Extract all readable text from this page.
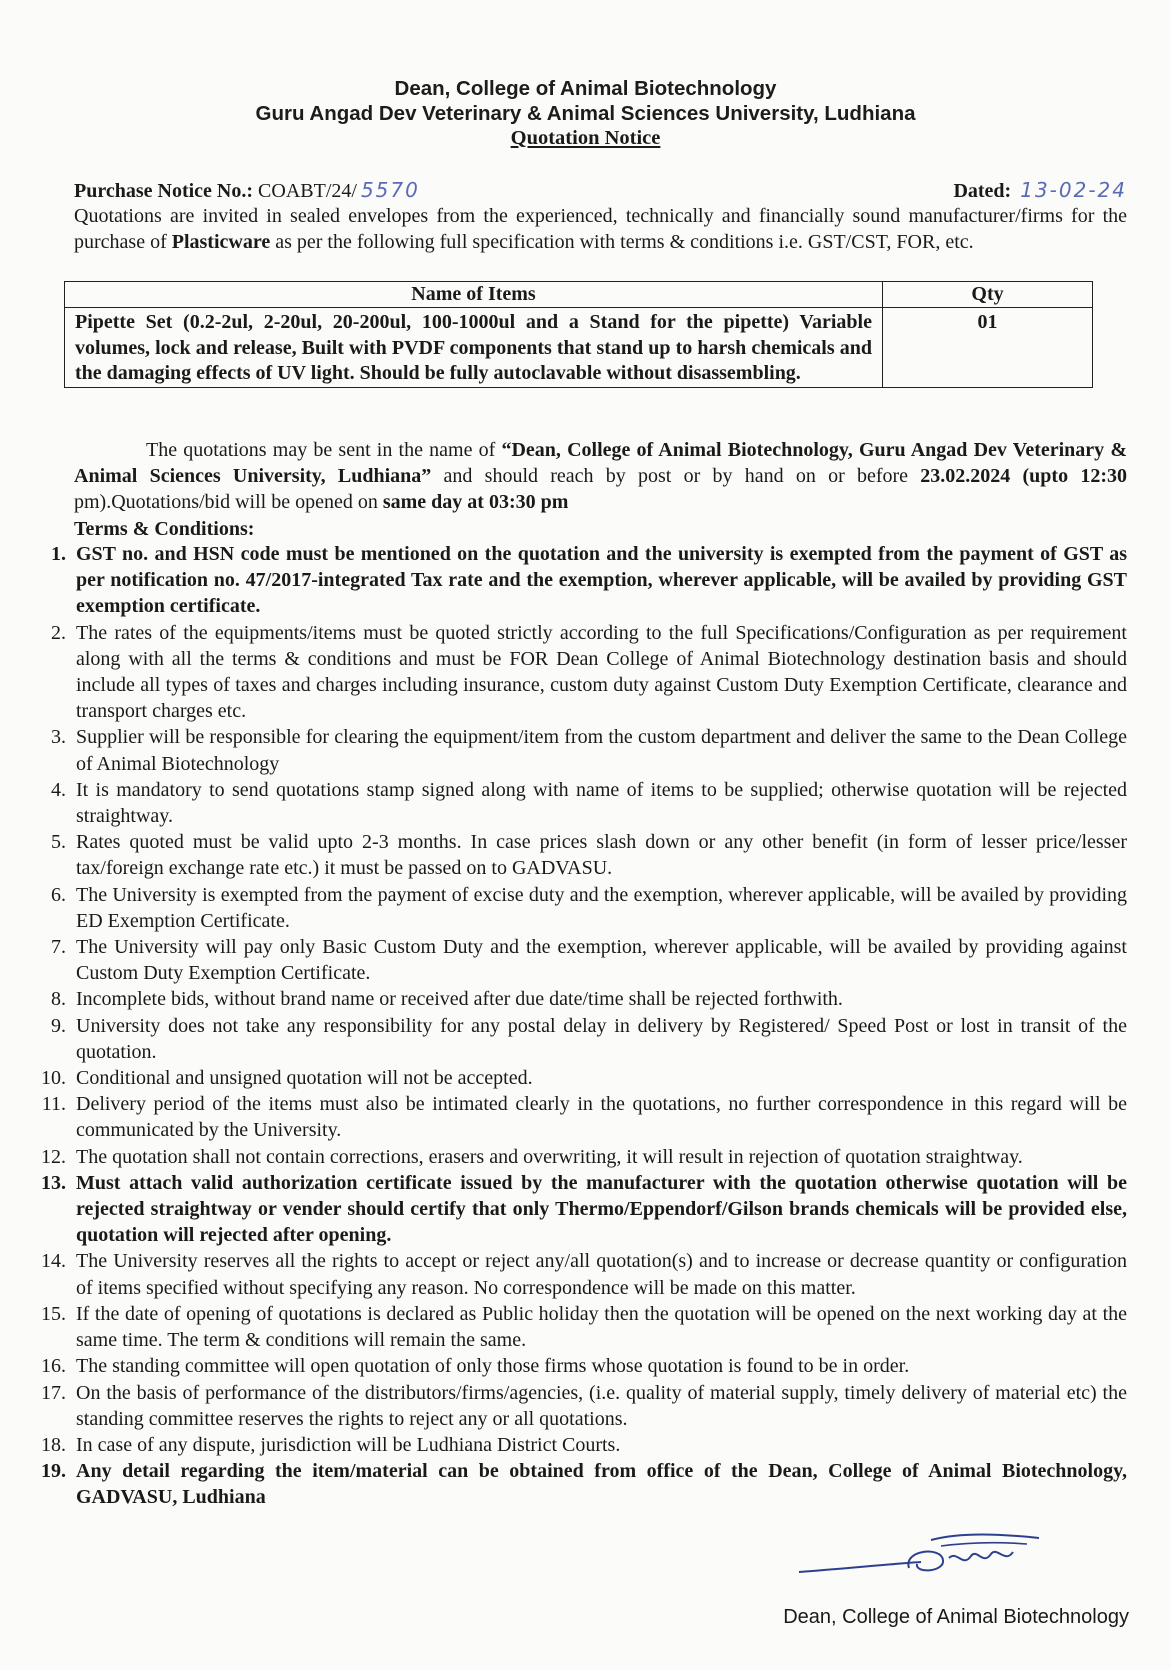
Dean, College of Animal Biotechnology
Guru Angad Dev Veterinary & Animal Sciences University, Ludhiana
Quotation Notice
Purchase Notice No.: COABT/24/ 5570	Dated: 13-02-24
Quotations are invited in sealed envelopes from the experienced, technically and financially sound manufacturer/firms for the purchase of Plasticware as per the following full specification with terms & conditions i.e. GST/CST, FOR, etc.
Name of Items	Qty
Pipette Set (0.2-2ul, 2-20ul, 20-200ul, 100-1000ul and a Stand for the pipette) Variable volumes, lock and release, Built with PVDF components that stand up to harsh chemicals and the damaging effects of UV light. Should be fully autoclavable without disassembling.	01
The quotations may be sent in the name of “Dean, College of Animal Biotechnology, Guru Angad Dev Veterinary & Animal Sciences University, Ludhiana” and should reach by post or by hand on or before 23.02.2024 (upto 12:30 pm).Quotations/bid will be opened on same day at 03:30 pm
Terms & Conditions:
1. GST no. and HSN code must be mentioned on the quotation and the university is exempted from the payment of GST as per notification no. 47/2017-integrated Tax rate and the exemption, wherever applicable, will be availed by providing GST exemption certificate.
2. The rates of the equipments/items must be quoted strictly according to the full Specifications/Configuration as per requirement along with all the terms & conditions and must be FOR Dean College of Animal Biotechnology destination basis and should include all types of taxes and charges including insurance, custom duty against Custom Duty Exemption Certificate, clearance and transport charges etc.
3. Supplier will be responsible for clearing the equipment/item from the custom department and deliver the same to the Dean College of Animal Biotechnology
4. It is mandatory to send quotations stamp signed along with name of items to be supplied; otherwise quotation will be rejected straightway.
5. Rates quoted must be valid upto 2-3 months. In case prices slash down or any other benefit (in form of lesser price/lesser tax/foreign exchange rate etc.) it must be passed on to GADVASU.
6. The University is exempted from the payment of excise duty and the exemption, wherever applicable, will be availed by providing ED Exemption Certificate.
7. The University will pay only Basic Custom Duty and the exemption, wherever applicable, will be availed by providing against Custom Duty Exemption Certificate.
8. Incomplete bids, without brand name or received after due date/time shall be rejected forthwith.
9. University does not take any responsibility for any postal delay in delivery by Registered/ Speed Post or lost in transit of the quotation.
10. Conditional and unsigned quotation will not be accepted.
11. Delivery period of the items must also be intimated clearly in the quotations, no further correspondence in this regard will be communicated by the University.
12. The quotation shall not contain corrections, erasers and overwriting, it will result in rejection of quotation straightway.
13. Must attach valid authorization certificate issued by the manufacturer with the quotation otherwise quotation will be rejected straightway or vender should certify that only Thermo/Eppendorf/Gilson brands chemicals will be provided else, quotation will rejected after opening.
14. The University reserves all the rights to accept or reject any/all quotation(s) and to increase or decrease quantity or configuration of items specified without specifying any reason. No correspondence will be made on this matter.
15. If the date of opening of quotations is declared as Public holiday then the quotation will be opened on the next working day at the same time. The term & conditions will remain the same.
16. The standing committee will open quotation of only those firms whose quotation is found to be in order.
17. On the basis of performance of the distributors/firms/agencies, (i.e. quality of material supply, timely delivery of material etc) the standing committee reserves the rights to reject any or all quotations.
18. In case of any dispute, jurisdiction will be Ludhiana District Courts.
19. Any detail regarding the item/material can be obtained from office of the Dean, College of Animal Biotechnology, GADVASU, Ludhiana
Dean, College of Animal Biotechnology
